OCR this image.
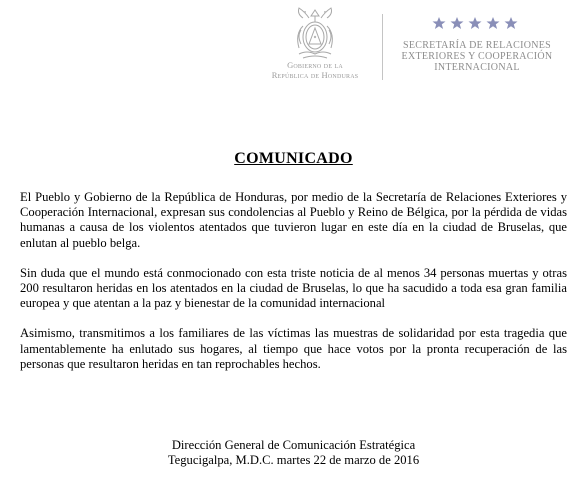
Gobierno de la
República de Honduras
SECRETARÍA DE RELACIONES
EXTERIORES Y COOPERACIÓN
INTERNACIONAL
COMUNICADO

El Pueblo y Gobierno de la República de Honduras, por medio de la Secretaría de Relaciones Exteriores y Cooperación Internacional, expresan sus condolencias al Pueblo y Reino de Bélgica, por la pérdida de vidas humanas a causa de los violentos atentados que tuvieron lugar en este día en la ciudad de Bruselas, que enlutan al pueblo belga.

Sin duda que el mundo está conmocionado con esta triste noticia de al menos 34 personas muertas y otras 200 resultaron heridas en los atentados en la ciudad de Bruselas, lo que ha sacudido a toda esa gran familia europea y que atentan a la paz y bienestar de la comunidad internacional

Asimismo, transmitimos a los familiares de las víctimas las muestras de solidaridad por esta tragedia que lamentablemente ha enlutado sus hogares, al tiempo que hace votos por la pronta recuperación de las personas que resultaron heridas en tan reprochables hechos.

Dirección General de Comunicación Estratégica
Tegucigalpa, M.D.C. martes 22 de marzo de 2016
